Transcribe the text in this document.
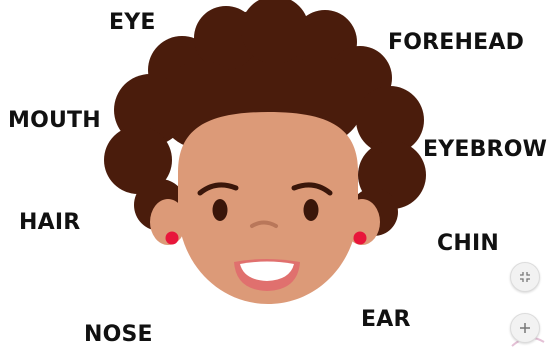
EYE
FOREHEAD
MOUTH
EYEBROW
HAIR
CHIN
NOSE
EAR
